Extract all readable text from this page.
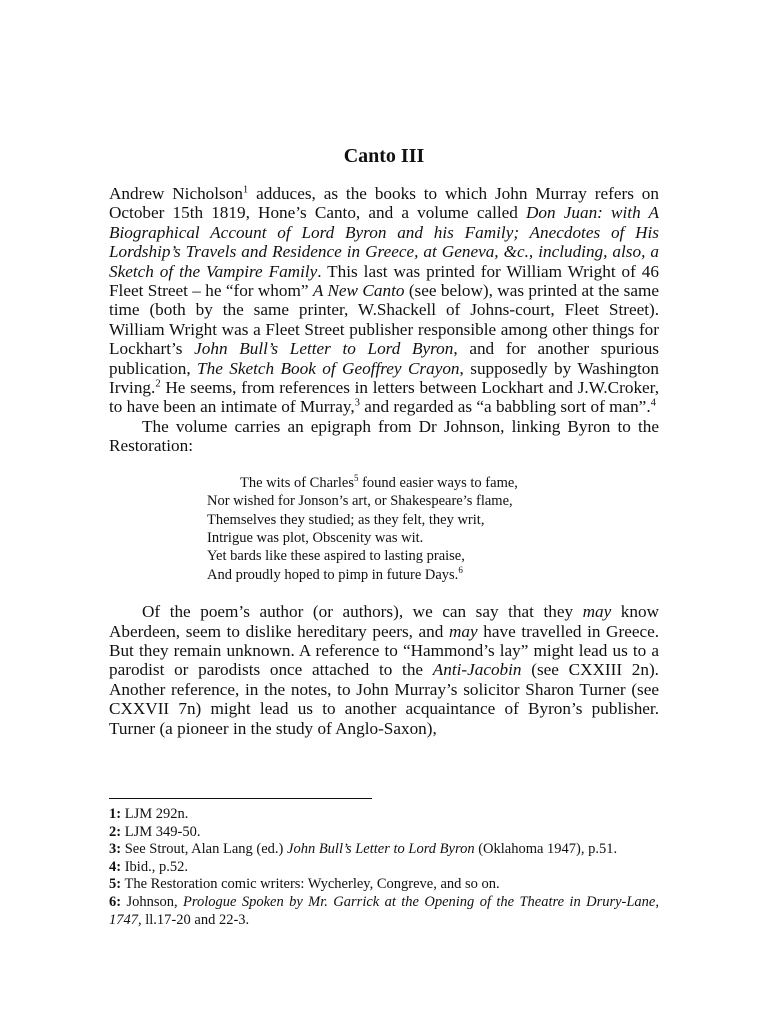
Canto III

Andrew Nicholson$^1$ adduces, as the books to which John Murray refers on October 15th 1819, Hone’s Canto, and a volume called Don Juan: with A Biographical Account of Lord Byron and his Family; Anecdotes of His Lordship’s Travels and Residence in Greece, at Geneva, &c., including, also, a Sketch of the Vampire Family. This last was printed for William Wright of 46 Fleet Street – he “for whom” A New Canto (see below), was printed at the same time (both by the same printer, W.Shackell of Johns-court, Fleet Street). William Wright was a Fleet Street publisher responsible among other things for Lockhart’s John Bull’s Letter to Lord Byron, and for another spurious publication, The Sketch Book of Geoffrey Crayon, supposedly by Washington Irving.$^2$ He seems, from references in letters between Lockhart and J.W.Croker, to have been an intimate of Murray,$^3$ and regarded as “a babbling sort of man”.$^4$

The volume carries an epigraph from Dr Johnson, linking Byron to the Restoration:

The wits of Charles$^5$ found easier ways to fame,
Nor wished for Jonson’s art, or Shakespeare’s flame,
Themselves they studied; as they felt, they writ,
Intrigue was plot, Obscenity was wit.
Yet bards like these aspired to lasting praise,
And proudly hoped to pimp in future Days.$^6$

Of the poem’s author (or authors), we can say that they may know Aberdeen, seem to dislike hereditary peers, and may have travelled in Greece. But they remain unknown. A reference to “Hammond’s lay” might lead us to a parodist or parodists once attached to the Anti-Jacobin (see CXXIII 2n). Another reference, in the notes, to John Murray’s solicitor Sharon Turner (see CXXVII 7n) might lead us to another acquaintance of Byron’s publisher. Turner (a pioneer in the study of Anglo-Saxon),

1: LJM 292n.

2: LJM 349-50.

3: See Strout, Alan Lang (ed.) John Bull’s Letter to Lord Byron (Oklahoma 1947), p.51.

4: Ibid., p.52.

5: The Restoration comic writers: Wycherley, Congreve, and so on.

6: Johnson, Prologue Spoken by Mr. Garrick at the Opening of the Theatre in Drury-Lane, 1747, ll.17-20 and 22-3.
